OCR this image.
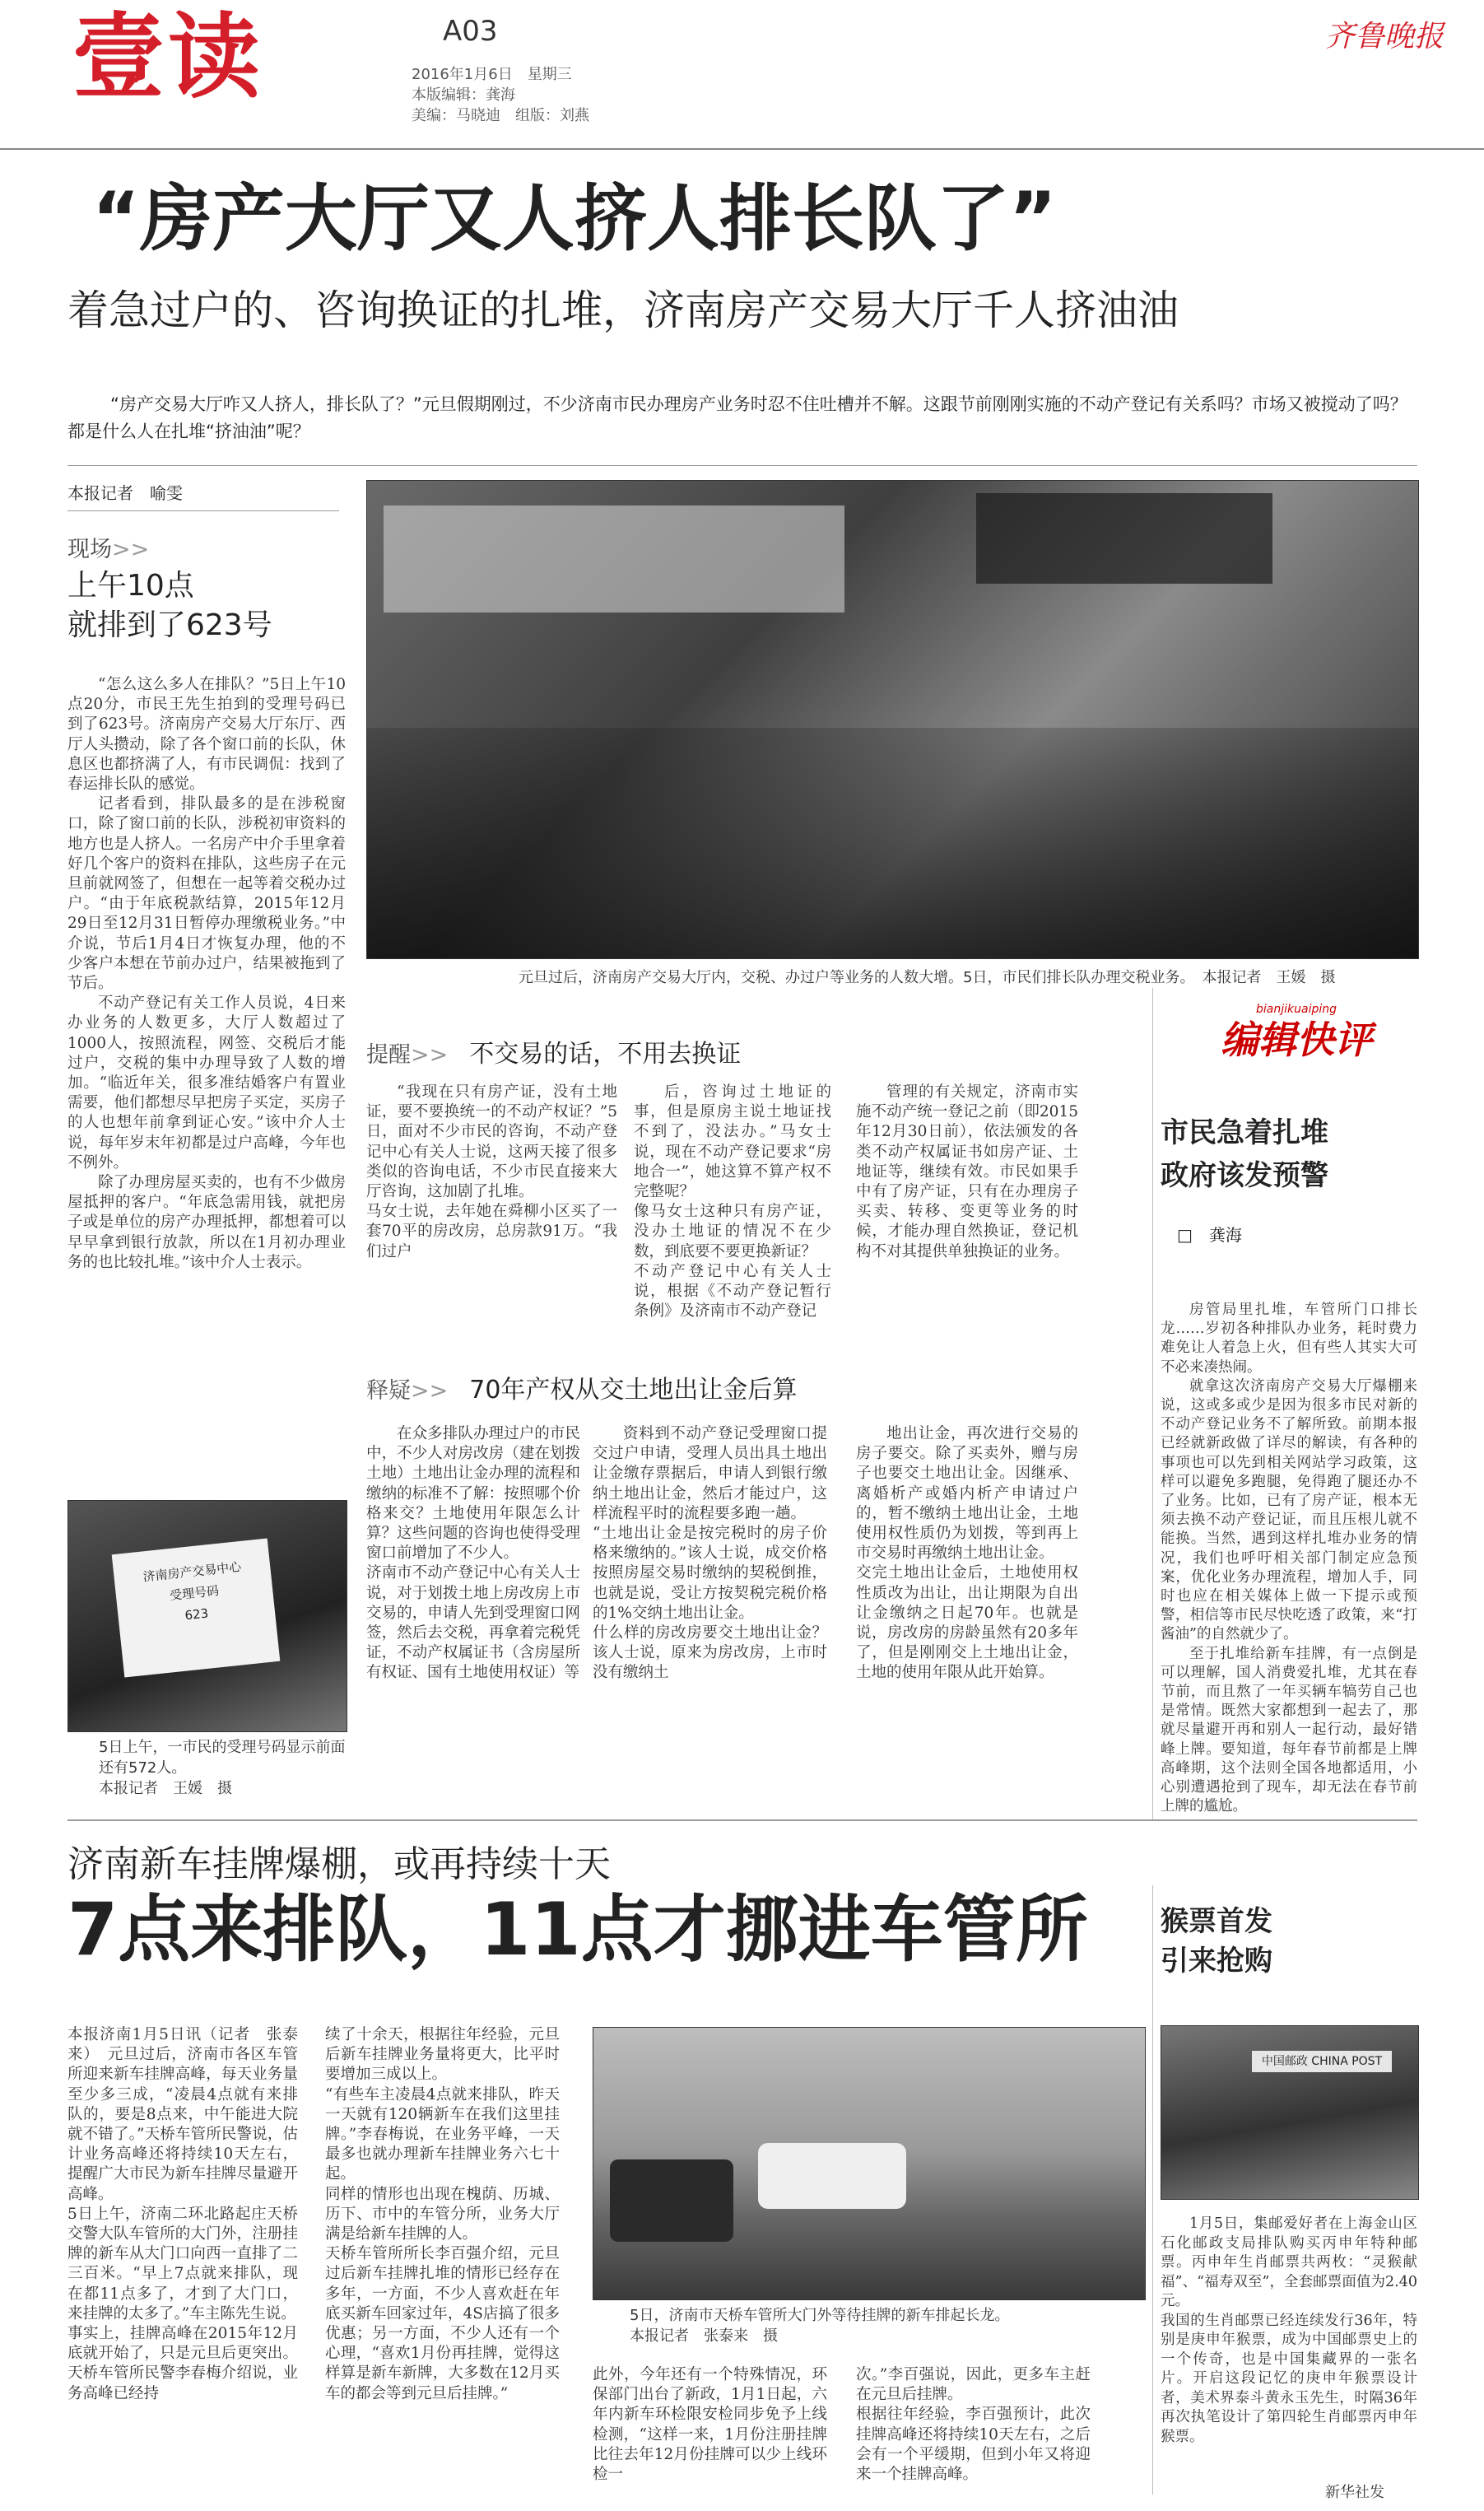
壹读	A03
2016年1月6日　星期三
本版编辑：龚海
美编：马晓迪　组版：刘燕
齐鲁晚报
“房产大厅又人挤人排长队了”
着急过户的、咨询换证的扎堆，济南房产交易大厅千人挤油油
“房产交易大厅咋又人挤人，排长队了？”元旦假期刚过，不少济南市民办理房产业务时忍不住吐槽并不解。这跟节前刚刚实施的不动产登记有关系吗？市场又被搅动了吗？都是什么人在扎堆“挤油油”呢？
本报记者　喻雯
现场>>
上午10点
就排到了623号

“怎么这么多人在排队？”5日上午10点20分，市民王先生拍到的受理号码已到了623号。济南房产交易大厅东厅、西厅人头攒动，除了各个窗口前的长队，休息区也都挤满了人，有市民调侃：找到了春运排长队的感觉。

记者看到，排队最多的是在涉税窗口，除了窗口前的长队，涉税初审资料的地方也是人挤人。一名房产中介手里拿着好几个客户的资料在排队，这些房子在元旦前就网签了，但想在一起等着交税办过户。“由于年底税款结算，2015年12月29日至12月31日暂停办理缴税业务。”中介说，节后1月4日才恢复办理，他的不少客户本想在节前办过户，结果被拖到了节后。

不动产登记有关工作人员说，4日来办业务的人数更多，大厅人数超过了1000人，按照流程，网签、交税后才能过户，交税的集中办理导致了人数的增加。“临近年关，很多准结婚客户有置业需要，他们都想尽早把房子买定，买房子的人也想年前拿到证心安。”该中介人士说，每年岁末年初都是过户高峰，今年也不例外。

除了办理房屋买卖的，也有不少做房屋抵押的客户。“年底急需用钱，就把房子或是单位的房产办理抵押，都想着可以早早拿到银行放款，所以在1月初办理业务的也比较扎堆。”该中介人士表示。

济南房产交易中心
受理号码
623
5日上午，一市民的受理号码显示前面还有572人。
本报记者　王媛　摄
元旦过后，济南房产交易大厅内，交税、办过户等业务的人数大增。5日，市民们排长队办理交税业务。　本报记者　王媛　摄
提醒>> 不交易的话，不用去换证
“我现在只有房产证，没有土地证，要不要换统一的不动产权证？”5日，面对不少市民的咨询，不动产登记中心有关人士说，这两天接了很多类似的咨询电话，不少市民直接来大厅咨询，这加剧了扎堆。
马女士说，去年她在舜柳小区买了一套70平的房改房，总房款91万。“我们过户
后，咨询过土地证的事，但是原房主说土地证找不到了，没法办。”马女士说，现在不动产登记要求“房地合一”，她这算不算产权不完整呢？
像马女士这种只有房产证，没办土地证的情况不在少数，到底要不要更换新证？
不动产登记中心有关人士说，根据《不动产登记暂行条例》及济南市不动产登记
管理的有关规定，济南市实施不动产统一登记之前（即2015年12月30日前），依法颁发的各类不动产权属证书如房产证、土地证等，继续有效。市民如果手中有了房产证，只有在办理房子买卖、转移、变更等业务的时候，才能办理自然换证，登记机构不对其提供单独换证的业务。
释疑>> 70年产权从交土地出让金后算
在众多排队办理过户的市民中，不少人对房改房（建在划拨土地）土地出让金办理的流程和缴纳的标准不了解：按照哪个价格来交？土地使用年限怎么计算？这些问题的咨询也使得受理窗口前增加了不少人。
济南市不动产登记中心有关人士说，对于划拨土地上房改房上市交易的，申请人先到受理窗口网签，然后去交税，再拿着完税凭证，不动产权属证书（含房屋所有权证、国有土地使用权证）等
资料到不动产登记受理窗口提交过户申请，受理人员出具土地出让金缴存票据后，申请人到银行缴纳土地出让金，然后才能过户，这样流程平时的流程要多跑一趟。
“土地出让金是按完税时的房子价格来缴纳的。”该人士说，成交价格按照房屋交易时缴纳的契税倒推，也就是说，受让方按契税完税价格的1%交纳土地出让金。
什么样的房改房要交土地出让金？该人士说，原来为房改房，上市时没有缴纳土
地出让金，再次进行交易的房子要交。除了买卖外，赠与房子也要交土地出让金。因继承、离婚析产或婚内析产申请过户的，暂不缴纳土地出让金，土地使用权性质仍为划拨，等到再上市交易时再缴纳土地出让金。
交完土地出让金后，土地使用权性质改为出让，出让期限为自出让金缴纳之日起70年。也就是说，房改房的房龄虽然有20多年了，但是刚刚交上土地出让金，土地的使用年限从此开始算。
bianjikuaiping
编辑快评
市民急着扎堆
政府该发预警
□　龚海

房管局里扎堆，车管所门口排长龙……岁初各种排队办业务，耗时费力难免让人着急上火，但有些人其实大可不必来凑热闹。

就拿这次济南房产交易大厅爆棚来说，这或多或少是因为很多市民对新的不动产登记业务不了解所致。前期本报已经就新政做了详尽的解读，有各种的事项也可以先到相关网站学习政策，这样可以避免多跑腿，免得跑了腿还办不了业务。比如，已有了房产证，根本无须去换不动产登记证，而且压根儿就不能换。当然，遇到这样扎堆办业务的情况，我们也呼吁相关部门制定应急预案，优化业务办理流程，增加人手，同时也应在相关媒体上做一下提示或预警，相信等市民尽快吃透了政策，来“打酱油”的自然就少了。

至于扎堆给新车挂牌，有一点倒是可以理解，国人消费爱扎堆，尤其在春节前，而且熬了一年买辆车犒劳自己也是常情。既然大家都想到一起去了，那就尽量避开再和别人一起行动，最好错峰上牌。要知道，每年春节前都是上牌高峰期，这个法则全国各地都适用，小心别遭遇抢到了现车，却无法在春节前上牌的尴尬。

济南新车挂牌爆棚，或再持续十天
7点来排队，11点才挪进车管所
本报济南1月5日讯（记者　张泰来）　元旦过后，济南市各区车管所迎来新车挂牌高峰，每天业务量至少多三成，“凌晨4点就有来排队的，要是8点来，中午能进大院就不错了。”天桥车管所民警说，估计业务高峰还将持续10天左右，提醒广大市民为新车挂牌尽量避开高峰。
5日上午，济南二环北路起庄天桥交警大队车管所的大门外，注册挂牌的新车从大门口向西一直排了二三百米。“早上7点就来排队，现在都11点多了，才到了大门口，来挂牌的太多了。”车主陈先生说。
事实上，挂牌高峰在2015年12月底就开始了，只是元旦后更突出。天桥车管所民警李春梅介绍说，业务高峰已经持
续了十余天，根据往年经验，元旦后新车挂牌业务量将更大，比平时要增加三成以上。
“有些车主凌晨4点就来排队，昨天一天就有120辆新车在我们这里挂牌。”李春梅说，在业务平峰，一天最多也就办理新车挂牌业务六七十起。
同样的情形也出现在槐荫、历城、历下、市中的车管分所，业务大厅满是给新车挂牌的人。
天桥车管所所长李百强介绍，元旦过后新车挂牌扎堆的情形已经存在多年，一方面，不少人喜欢赶在年底买新车回家过年，4S店搞了很多优惠；另一方面，不少人还有一个心理，“喜欢1月份再挂牌，觉得这样算是新车新牌，大多数在12月买车的都会等到元旦后挂牌。”
5日，济南市天桥车管所大门外等待挂牌的新车排起长龙。
本报记者　张泰来　摄
此外，今年还有一个特殊情况，环保部门出台了新政，1月1日起，六年内新车环检限安检同步免予上线检测，“这样一来，1月份注册挂牌比往去年12月份挂牌可以少上线环检一
次。”李百强说，因此，更多车主赶在元旦后挂牌。
根据往年经验，李百强预计，此次挂牌高峰还将持续10天左右，之后会有一个平缓期，但到小年又将迎来一个挂牌高峰。
猴票首发
引来抢购
中国邮政 CHINA POST
1月5日，集邮爱好者在上海金山区石化邮政支局排队购买丙申年特种邮票。丙申年生肖邮票共两枚：“灵猴献福”、“福寿双至”，全套邮票面值为2.40元。
我国的生肖邮票已经连续发行36年，特别是庚申年猴票，成为中国邮票史上的一个传奇，也是中国集藏界的一张名片。开启这段记忆的庚申年猴票设计者，美术界泰斗黄永玉先生，时隔36年再次执笔设计了第四轮生肖邮票丙申年猴票。
新华社发
